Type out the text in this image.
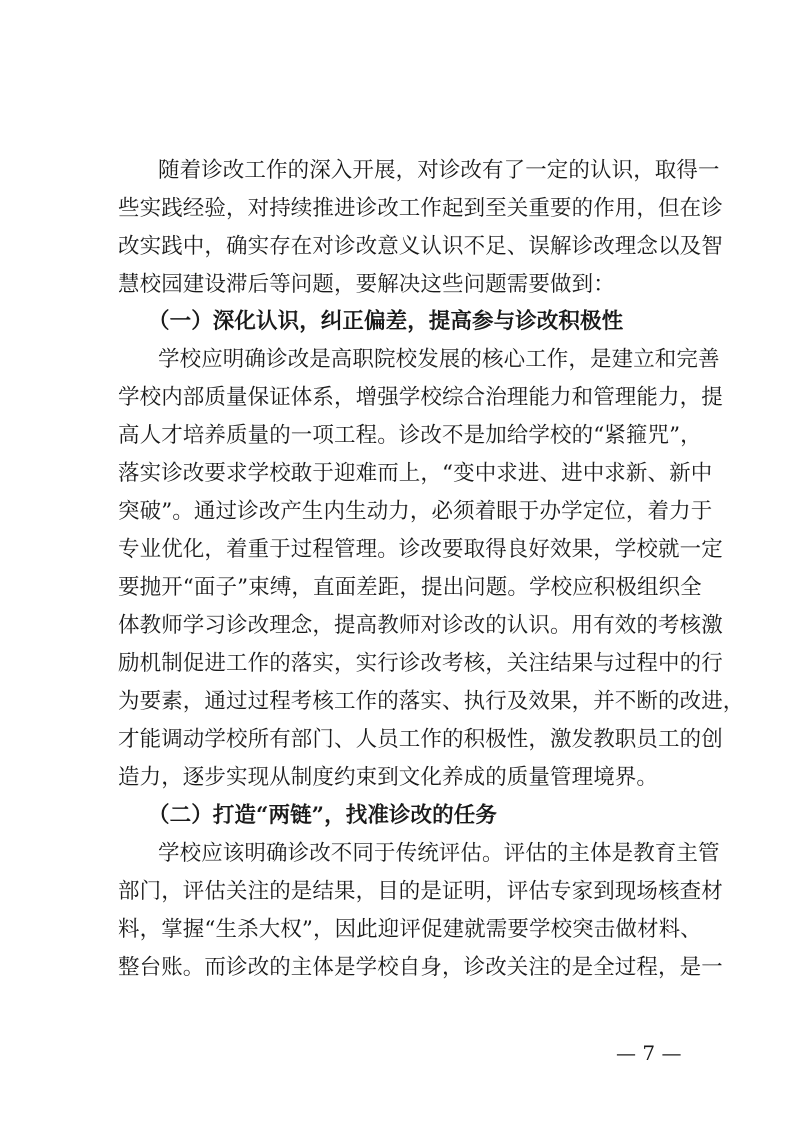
随着诊改工作的深入开展，对诊改有了一定的认识，取得一
些实践经验，对持续推进诊改工作起到至关重要的作用，但在诊
改实践中，确实存在对诊改意义认识不足、误解诊改理念以及智
慧校园建设滞后等问题，要解决这些问题需要做到：
（一）深化认识，纠正偏差，提高参与诊改积极性
学校应明确诊改是高职院校发展的核心工作，是建立和完善
学校内部质量保证体系，增强学校综合治理能力和管理能力，提
高人才培养质量的一项工程。诊改不是加给学校的“紧箍咒”，
落实诊改要求学校敢于迎难而上，“变中求进、进中求新、新中
突破”。通过诊改产生内生动力，必须着眼于办学定位，着力于
专业优化，着重于过程管理。诊改要取得良好效果，学校就一定
要抛开“面子”束缚，直面差距，提出问题。学校应积极组织全
体教师学习诊改理念，提高教师对诊改的认识。用有效的考核激
励机制促进工作的落实，实行诊改考核，关注结果与过程中的行
为要素，通过过程考核工作的落实、执行及效果，并不断的改进，
才能调动学校所有部门、人员工作的积极性，激发教职员工的创
造力，逐步实现从制度约束到文化养成的质量管理境界。
（二）打造“两链”，找准诊改的任务
学校应该明确诊改不同于传统评估。评估的主体是教育主管
部门，评估关注的是结果，目的是证明，评估专家到现场核查材
料，掌握“生杀大权”，因此迎评促建就需要学校突击做材料、
整台账。而诊改的主体是学校自身，诊改关注的是全过程，是一
— 7 —
